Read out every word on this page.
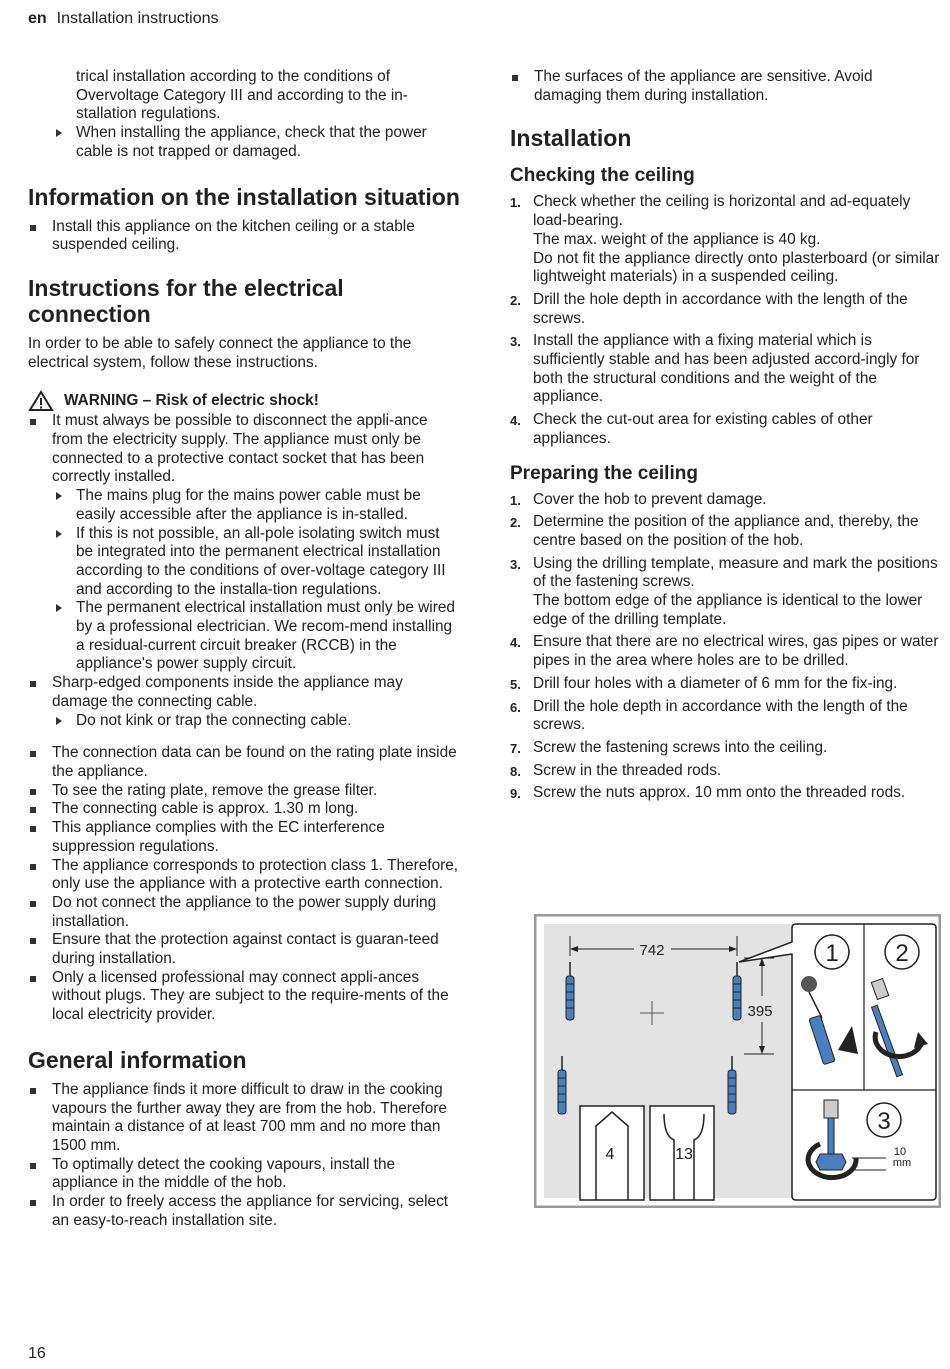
en Installation instructions
trical installation according to the conditions of
Overvoltage Category III and according to the in-
stallation regulations.
When installing the appliance, check that the power cable is not trapped or damaged.
Information on the installation situation
Install this appliance on the kitchen ceiling or a stable suspended ceiling.
Instructions for the electrical connection

In order to be able to safely connect the appliance to the electrical system, follow these instructions.

WARNING – Risk of electric shock!
It must always be possible to disconnect the appli-ance from the electricity supply. The appliance must only be connected to a protective contact socket that has been correctly installed.
The mains plug for the mains power cable must be easily accessible after the appliance is in-stalled.
If this is not possible, an all-pole isolating switch must be integrated into the permanent electrical installation according to the conditions of over-voltage category III and according to the installa-tion regulations.
The permanent electrical installation must only be wired by a professional electrician. We recom-mend installing a residual-current circuit breaker (RCCB) in the appliance's power supply circuit.
Sharp-edged components inside the appliance may damage the connecting cable.
Do not kink or trap the connecting cable.
The connection data can be found on the rating plate inside the appliance.
To see the rating plate, remove the grease filter.
The connecting cable is approx. 1.30 m long.
This appliance complies with the EC interference suppression regulations.
The appliance corresponds to protection class 1. Therefore, only use the appliance with a protective earth connection.
Do not connect the appliance to the power supply during installation.
Ensure that the protection against contact is guaran-teed during installation.
Only a licensed professional may connect appli-ances without plugs. They are subject to the require-ments of the local electricity provider.
General information
The appliance finds it more difficult to draw in the cooking vapours the further away they are from the hob. Therefore maintain a distance of at least 700 mm and no more than 1500 mm.
To optimally detect the cooking vapours, install the appliance in the middle of the hob.
In order to freely access the appliance for servicing, select an easy-to-reach installation site.
The surfaces of the appliance are sensitive. Avoid damaging them during installation.
Installation
Checking the ceiling
1. Check whether the ceiling is horizontal and ad-equately load-bearing.
The max. weight of the appliance is 40 kg.
Do not fit the appliance directly onto plasterboard (or similar lightweight materials) in a suspended ceiling.
2. Drill the hole depth in accordance with the length of the screws.
3. Install the appliance with a fixing material which is sufficiently stable and has been adjusted accord-ingly for both the structural conditions and the weight of the appliance.
4. Check the cut-out area for existing cables of other appliances.
Preparing the ceiling
1. Cover the hob to prevent damage.
2. Determine the position of the appliance and, thereby, the centre based on the position of the hob.
3. Using the drilling template, measure and mark the positions of the fastening screws.
The bottom edge of the appliance is identical to the lower edge of the drilling template.
4. Ensure that there are no electrical wires, gas pipes or water pipes in the area where holes are to be drilled.
5. Drill four holes with a diameter of 6 mm for the fix-ing.
6. Drill the hole depth in accordance with the length of the screws.
7. Screw the fastening screws into the ceiling.
8. Screw in the threaded rods.
9. Screw the nuts approx. 10 mm onto the threaded rods.
742
395
4	13
1 2
3
10
mm
16
